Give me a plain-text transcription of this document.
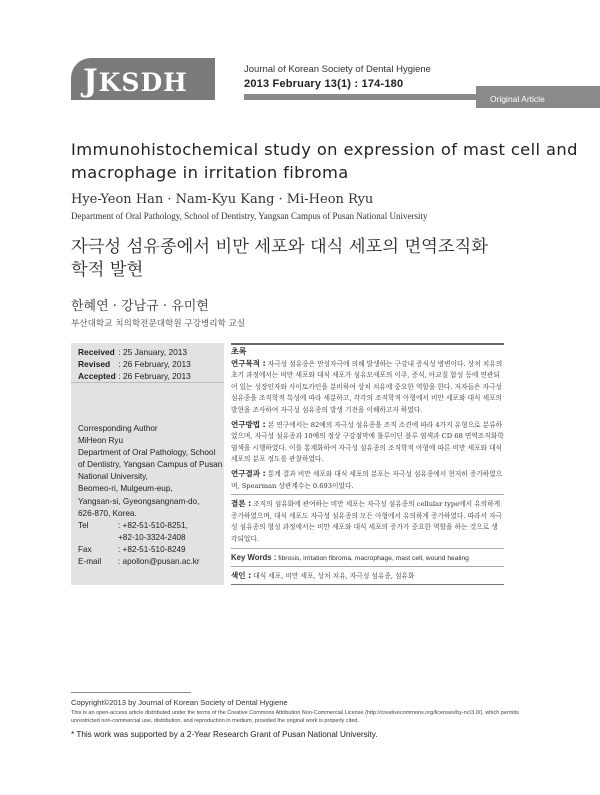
JKSDH	Journal of Korean Society of Dental Hygiene
2013 February 13(1) : 174-180
Original Article
Immunohistochemical study on expression of mast cell and macrophage in irritation fibroma
Hye-Yeon Han · Nam-Kyu Kang · Mi-Heon Ryu
Department of Oral Pathology, School of Dentistry, Yangsan Campus of Pusan National University
자극성 섬유종에서 비만 세포와 대식 세포의 면역조직화학적 발현
한혜연 · 강남규 · 유미현
부산대학교 치의학전문대학원 구강병리학 교실
Received : 25 January, 2013
Revised : 26 February, 2013
Accepted : 26 February, 2013
Corresponding Author
MiHeon Ryu
Department of Oral Pathology, School
of Dentistry, Yangsan Campus of Pusan
National University,
Beomeo-ri, Mulgeum-eup,
Yangsan-si, Gyeongsangnam-do,
626-870, Korea.
Tel	: +82-51-510-8251,
+82-10-3324-2408
Fax	: +82-51-510-8249
E-mail : apollon@pusan.ac.kr
초록

연구목적 : 자극성 섬유종은 만성자극에 의해 발생하는 구강내 증식성 병변이다. 상처 치유의 초기 과정에서는 비만 세포와 대식 세포가 섬유모세포의 이주, 증식, 아교질 합성 등에 연관되어 있는 성장인자와 사이토카인을 분비하여 상처 치유에 중요한 역할을 한다. 저자들은 자극성 섬유종을 조직학적 특성에 따라 세분하고, 각각의 조직학적 아형에서 비만 세포와 대식 세포의 발현을 조사하여 자극성 섬유종의 발생 기전을 이해하고자 하였다.

연구방법 : 본 연구에서는 82예의 자극성 섬유종을 조직 소견에 따라 4가지 유형으로 분류하였으며, 자극성 섬유종과 10예의 정상 구강점막에 톨루이딘 블루 염색과 CD 68 면역조직화학염색을 시행하였다. 이를 통계화하여 자극성 섬유종의 조직학적 아형에 따른 비만 세포와 대식 세포의 분포 정도를 관찰하였다.

연구결과 : 통계 결과 비만 세포와 대식 세포의 분포는 자극성 섬유종에서 현저히 증가하였으며, Spearman 상관계수는 0.693이었다.

결론 : 조직의 섬유화에 관여하는 비만 세포는 자극성 섬유종의 cellular type에서 유의하게 증가하였으며, 대식 세포도 자극성 섬유종의 모든 아형에서 유의하게 증가하였다. 따라서 자극성 섬유종의 형성 과정에서는 비만 세포와 대식 세포의 증가가 중요한 역할을 하는 것으로 생각되었다.

Key Words : fibrosis, irritation fibroma, macrophage, mast cell, wound healing

색인 : 대식 세포, 비만 세포, 상처 치유, 자극성 섬유종, 섬유화

Copyright©2013 by Journal of Korean Society of Dental Hygiene
This is an open-access article distributed under the terms of the Creative Commons Attribution Non-Commercial License (http://creativecommons.org/licenses/by-nc/3.0/), which permits unrestricted non-commercial use, distribution, and reproduction in medium, provided the original work is properly cited.
* This work was supported by a 2-Year Research Grant of Pusan National University.
